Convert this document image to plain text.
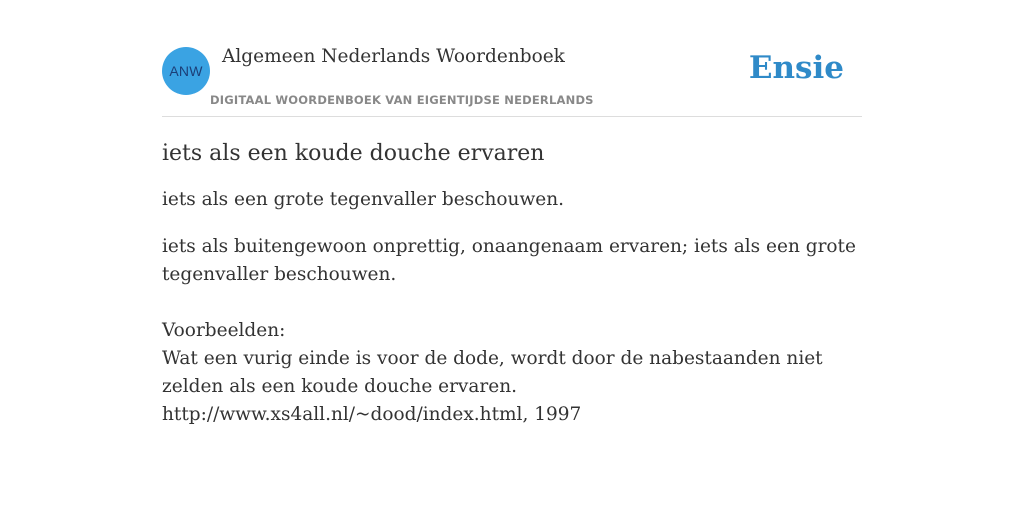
ANW
Algemeen Nederlands Woordenboek
DIGITAAL WOORDENBOEK VAN EIGENTIJDSE NEDERLANDS
Ensie
iets als een koude douche ervaren

iets als een grote tegenvaller beschouwen.

iets als buitengewoon onprettig, onaangenaam ervaren; iets als een grote tegenvaller beschouwen.

Voorbeelden:
Wat een vurig einde is voor de dode, wordt door de nabestaanden niet zelden als een koude douche ervaren.
http://www.xs4all.nl/~dood/index.html, 1997
